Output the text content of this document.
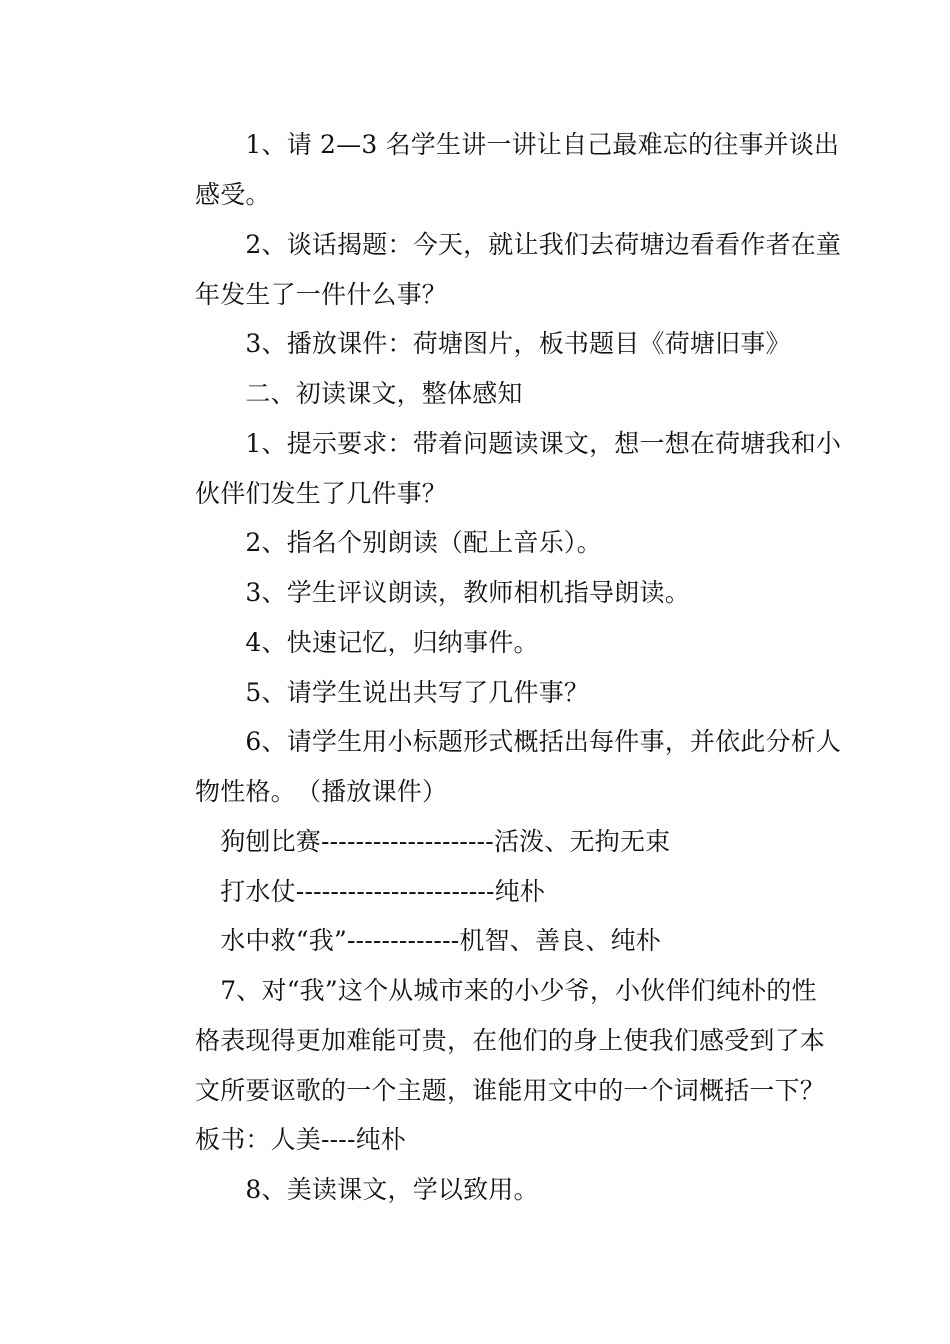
　　1、请 2—3 名学生讲一讲让自己最难忘的往事并谈出
感受。
　　2、谈话揭题：今天，就让我们去荷塘边看看作者在童
年发生了一件什么事？
　　3、播放课件：荷塘图片，板书题目《荷塘旧事》
　　二、初读课文，整体感知
　　1、提示要求：带着问题读课文，想一想在荷塘我和小
伙伴们发生了几件事？
　　2、指名个别朗读（配上音乐）。
　　3、学生评议朗读，教师相机指导朗读。
　　4、快速记忆，归纳事件。
　　5、请学生说出共写了几件事？
　　6、请学生用小标题形式概括出每件事，并依此分析人
物性格。　（播放课件）
　狗刨比赛--------------------活泼、无拘无束
　打水仗-----------------------纯朴
　水中救“我”-------------机智、善良、纯朴
　7、对“我”这个从城市来的小少爷，小伙伴们纯朴的性
格表现得更加难能可贵，在他们的身上使我们感受到了本
文所要讴歌的一个主题，谁能用文中的一个词概括一下？
板书：人美----纯朴
　　8、美读课文，学以致用。
